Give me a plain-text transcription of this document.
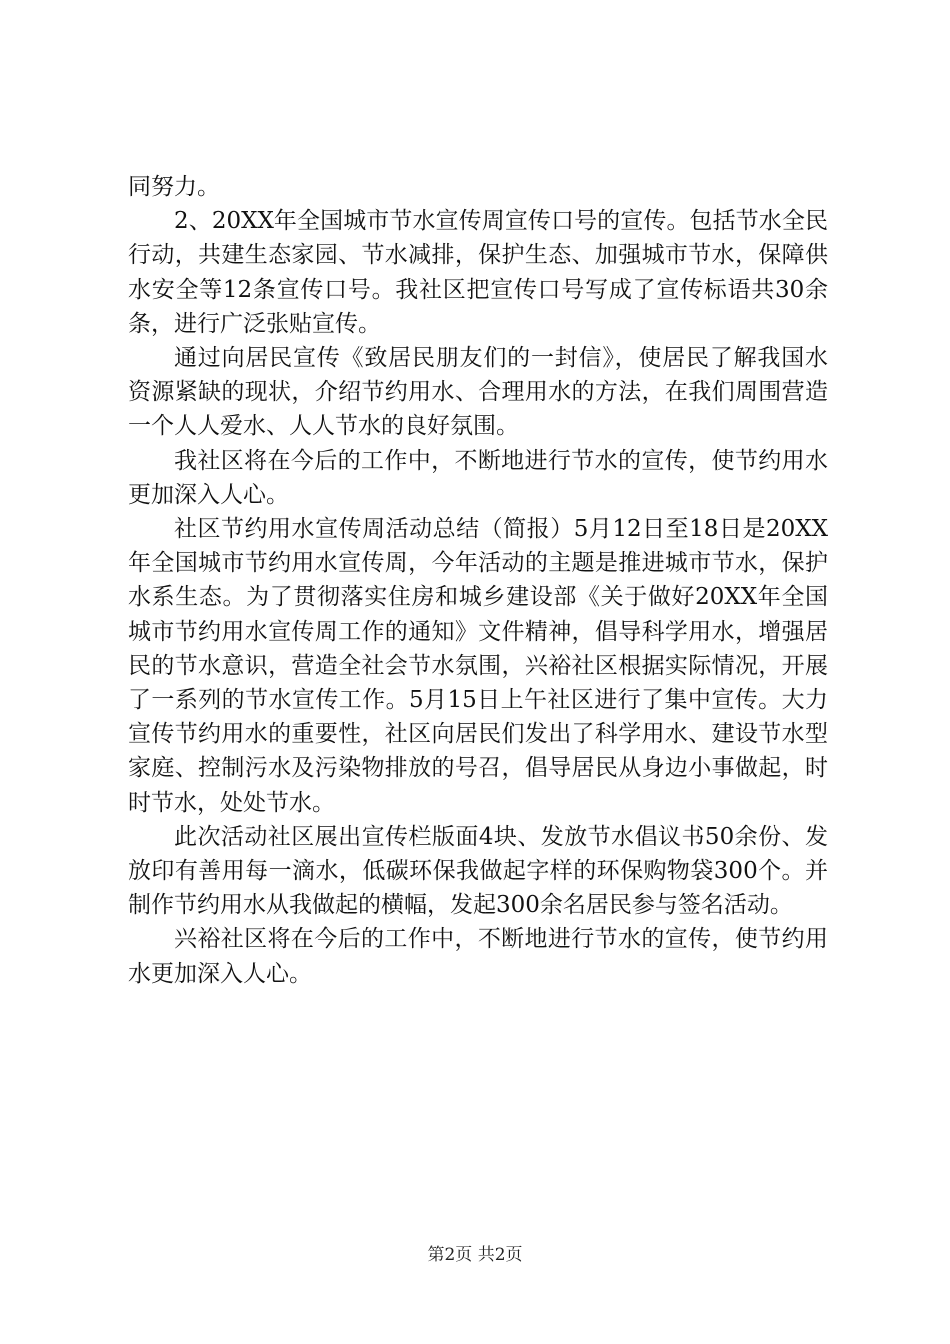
同努力。

2、20XX年全国城市节水宣传周宣传口号的宣传。包括节水全民行动，共建生态家园、节水减排，保护生态、加强城市节水，保障供水安全等12条宣传口号。我社区把宣传口号写成了宣传标语共30余条，进行广泛张贴宣传。

通过向居民宣传《致居民朋友们的一封信》，使居民了解我国水资源紧缺的现状，介绍节约用水、合理用水的方法，在我们周围营造一个人人爱水、人人节水的良好氛围。

我社区将在今后的工作中，不断地进行节水的宣传，使节约用水更加深入人心。

社区节约用水宣传周活动总结（简报）5月12日至18日是20XX年全国城市节约用水宣传周，今年活动的主题是推进城市节水，保护水系生态。为了贯彻落实住房和城乡建设部《关于做好20XX年全国城市节约用水宣传周工作的通知》文件精神，倡导科学用水，增强居民的节水意识，营造全社会节水氛围，兴裕社区根据实际情况，开展了一系列的节水宣传工作。5月15日上午社区进行了集中宣传。大力宣传节约用水的重要性，社区向居民们发出了科学用水、建设节水型家庭、控制污水及污染物排放的号召，倡导居民从身边小事做起，时时节水，处处节水。

此次活动社区展出宣传栏版面4块、发放节水倡议书50余份、发放印有善用每一滴水，低碳环保我做起字样的环保购物袋300个。并制作节约用水从我做起的横幅，发起300余名居民参与签名活动。

兴裕社区将在今后的工作中，不断地进行节水的宣传，使节约用水更加深入人心。

第2页 共2页
